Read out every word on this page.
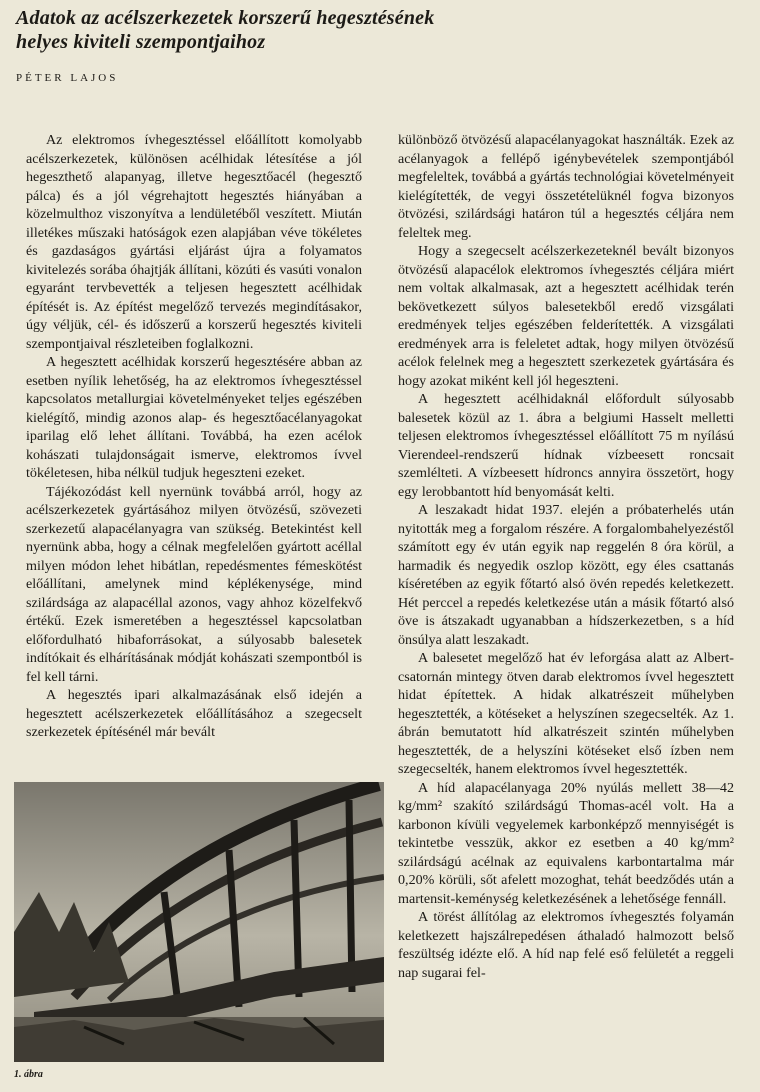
Adatok az acélszerkezetek korszerű hegesztésének
helyes kiviteli szempontjaihoz
PÉTER LAJOS

Az elektromos ívhegesztéssel előállított komolyabb acélszerkezetek, különösen acélhidak létesítése a jól hegeszthető alapanyag, illetve hegesztőacél (hegesztő pálca) és a jól végrehajtott hegesztés hiányában a közelmulthoz viszonyítva a lendületéből veszített. Miután illetékes műszaki hatóságok ezen alapjában véve tökéletes és gazdaságos gyártási eljárást újra a folyamatos kivitelezés sorába óhajtják állítani, közúti és vasúti vonalon egyaránt tervbevették a teljesen hegesztett acélhidak építését is. Az építést megelőző tervezés megindításakor, úgy véljük, cél- és időszerű a korszerű hegesztés kiviteli szempontjaival részleteiben foglalkozni.

A hegesztett acélhidak korszerű hegesztésére abban az esetben nyílik lehetőség, ha az elektromos ívhegesztéssel kapcsolatos metallurgiai követelményeket teljes egészében kielégítő, mindig azonos alap- és hegesztőacélanyagokat iparilag elő lehet állítani. Továbbá, ha ezen acélok kohászati tulajdonságait ismerve, elektromos ívvel tökéletesen, hiba nélkül tudjuk hegeszteni ezeket.

Tájékozódást kell nyernünk továbbá arról, hogy az acélszerkezetek gyártásához milyen ötvözésű, szövezeti szerkezetű alapacélanyagra van szükség. Betekintést kell nyernünk abba, hogy a célnak megfelelően gyártott acéllal milyen módon lehet hibátlan, repedésmentes fémeskötést előállítani, amelynek mind képlékenysége, mind szilárdsága az alapacéllal azonos, vagy ahhoz közelfekvő értékű. Ezek ismeretében a hegesztéssel kapcsolatban előfordulható hibaforrásokat, a súlyosabb balesetek indítókait és elhárításának módját kohászati szempontból is fel kell tárni.

A hegesztés ipari alkalmazásának első idején a hegesztett acélszerkezetek előállításához a szegecselt szerkezetek építésénél már bevált

különböző ötvözésű alapacélanyagokat használták. Ezek az acélanyagok a fellépő igénybevételek szempontjából megfeleltek, továbbá a gyártás technológiai követelményeit kielégítették, de vegyi összetételüknél fogva bizonyos ötvözési, szilárdsági határon túl a hegesztés céljára nem feleltek meg.

Hogy a szegecselt acélszerkezeteknél bevált bizonyos ötvözésű alapacélok elektromos ívhegesztés céljára miért nem voltak alkalmasak, azt a hegesztett acélhidak terén bekövetkezett súlyos balesetekből eredő vizsgálati eredmények teljes egészében felderítették. A vizsgálati eredmények arra is feleletet adtak, hogy milyen ötvözésű acélok felelnek meg a hegesztett szerkezetek gyártására és hogy azokat miként kell jól hegeszteni.

A hegesztett acélhidaknál előfordult súlyosabb balesetek közül az 1. ábra a belgiumi Hasselt melletti teljesen elektromos ívhegesztéssel előállított 75 m nyílású Vierendeel-rendszerű hídnak vízbeesett roncsait szemlélteti. A vízbeesett hídroncs annyira összetört, hogy egy lerobbantott híd benyomását kelti.

A leszakadt hidat 1937. elején a próbaterhelés után nyitották meg a forgalom részére. A forgalombahelyezéstől számított egy év után egyik nap reggelén 8 óra körül, a harmadik és negyedik oszlop között, egy éles csattanás kíséretében az egyik főtartó alsó övén repedés keletkezett. Hét perccel a repedés keletkezése után a másik főtartó alsó öve is átszakadt ugyanabban a hídszerkezetben, s a híd önsúlya alatt leszakadt.

A balesetet megelőző hat év leforgása alatt az Albert-csatornán mintegy ötven darab elektromos ívvel hegesztett hidat építettek. A hidak alkatrészeit műhelyben hegesztették, a kötéseket a helyszínen szegecselték. Az 1. ábrán bemutatott híd alkatrészeit szintén műhelyben hegesztették, de a helyszíni kötéseket első ízben nem szegecselték, hanem elektromos ívvel hegesztették.

A híd alapacélanyaga 20% nyúlás mellett 38—42 kg/mm² szakító szilárdságú Thomas-acél volt. Ha a karbonon kívüli vegyelemek karbonképző mennyiségét is tekintetbe vesszük, akkor ez esetben a 40 kg/mm² szilárdságú acélnak az equivalens karbontartalma már 0,20% körüli, sőt afelett mozoghat, tehát beedződés után a martensit-keménység keletkezésének a lehetősége fennáll.

A törést állítólag az elektromos ívhegesztés folyamán keletkezett hajszálrepedésen áthaladó halmozott belső feszültség idézte elő. A híd nap felé eső felületét a reggeli nap sugarai fel-

1. ábra
